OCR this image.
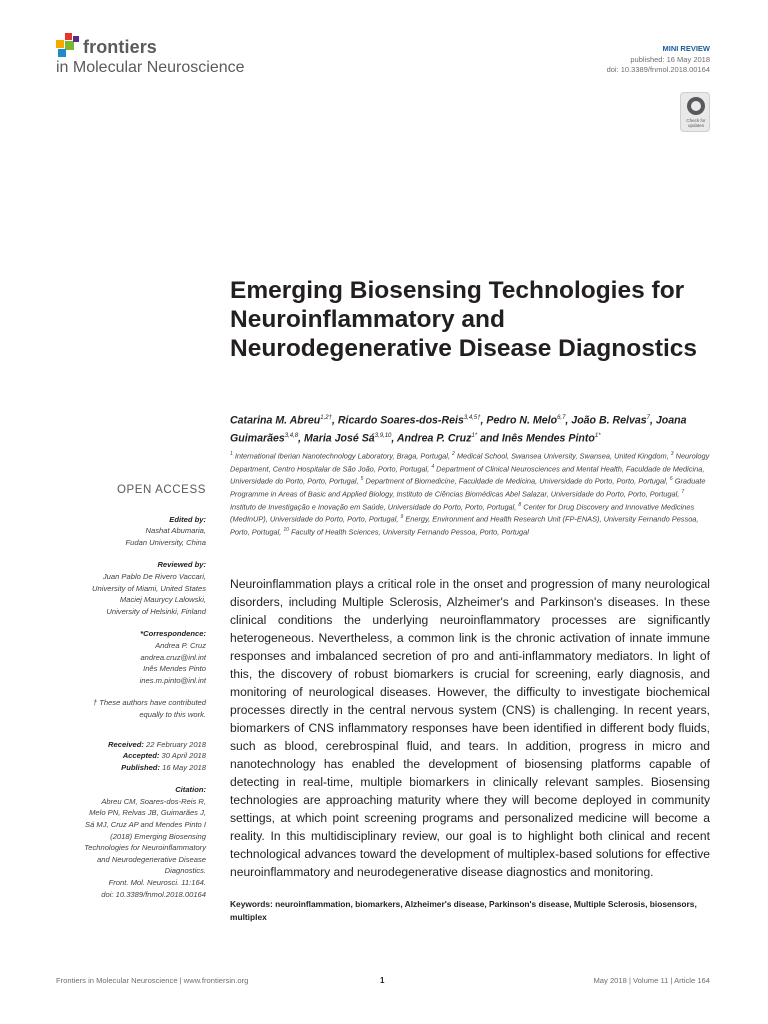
frontiers
in Molecular Neuroscience
MINI REVIEW
published: 16 May 2018
doi: 10.3389/fnmol.2018.00164
Check for updates
Emerging Biosensing Technologies for Neuroinflammatory and Neurodegenerative Disease Diagnostics
Catarina M. Abreu$^{1,2\dagger}$, Ricardo Soares-dos-Reis$^{3,4,5\dagger}$, Pedro N. Melo$^{6,7}$, João B. Relvas$^7$, Joana Guimarães$^{3,4,8}$, Maria José Sá$^{3,9,10}$, Andrea P. Cruz$^{1*}$ and Inês Mendes Pinto$^{1*}$
$^1$ International Iberian Nanotechnology Laboratory, Braga, Portugal, $^2$ Medical School, Swansea University, Swansea, United Kingdom, $^3$ Neurology Department, Centro Hospitalar de São João, Porto, Portugal, $^4$ Department of Clinical Neurosciences and Mental Health, Faculdade de Medicina, Universidade do Porto, Porto, Portugal, $^5$ Department of Biomedicine, Faculdade de Medicina, Universidade do Porto, Porto, Portugal, $^6$ Graduate Programme in Areas of Basic and Applied Biology, Instituto de Ciências Biomédicas Abel Salazar, Universidade do Porto, Porto, Portugal, $^7$ Instituto de Investigação e Inovação em Saúde, Universidade do Porto, Porto, Portugal, $^8$ Center for Drug Discovery and Innovative Medicines (MedInUP), Universidade do Porto, Porto, Portugal, $^9$ Energy, Environment and Health Research Unit (FP-ENAS), University Fernando Pessoa, Porto, Portugal, $^{10}$ Faculty of Health Sciences, University Fernando Pessoa, Porto, Portugal
OPEN ACCESS
Edited by:
Nashat Abumaria,
Fudan University, China
Reviewed by:
Juan Pablo De Rivero Vaccari,
University of Miami, United States
Maciej Maurycy Lalowski,
University of Helsinki, Finland
*Correspondence:
Andrea P. Cruz
andrea.cruz@inl.int
Inês Mendes Pinto
ines.m.pinto@inl.int
† These authors have contributed
equally to this work.
Received: 22 February 2018
Accepted: 30 April 2018
Published: 16 May 2018
Citation:
Abreu CM, Soares-dos-Reis R,
Melo PN, Relvas JB, Guimarães J,
Sá MJ, Cruz AP and Mendes Pinto I
(2018) Emerging Biosensing
Technologies for Neuroinflammatory
and Neurodegenerative Disease
Diagnostics.
Front. Mol. Neurosci. 11:164.
doi: 10.3389/fnmol.2018.00164

Neuroinflammation plays a critical role in the onset and progression of many neurological disorders, including Multiple Sclerosis, Alzheimer's and Parkinson's diseases. In these clinical conditions the underlying neuroinflammatory processes are significantly heterogeneous. Nevertheless, a common link is the chronic activation of innate immune responses and imbalanced secretion of pro and anti-inflammatory mediators. In light of this, the discovery of robust biomarkers is crucial for screening, early diagnosis, and monitoring of neurological diseases. However, the difficulty to investigate biochemical processes directly in the central nervous system (CNS) is challenging. In recent years, biomarkers of CNS inflammatory responses have been identified in different body fluids, such as blood, cerebrospinal fluid, and tears. In addition, progress in micro and nanotechnology has enabled the development of biosensing platforms capable of detecting in real-time, multiple biomarkers in clinically relevant samples. Biosensing technologies are approaching maturity where they will become deployed in community settings, at which point screening programs and personalized medicine will become a reality. In this multidisciplinary review, our goal is to highlight both clinical and recent technological advances toward the development of multiplex-based solutions for effective neuroinflammatory and neurodegenerative disease diagnostics and monitoring.

Keywords: neuroinflammation, biomarkers, Alzheimer's disease, Parkinson's disease, Multiple Sclerosis, biosensors, multiplex
Frontiers in Molecular Neuroscience | www.frontiersin.org	1	May 2018 | Volume 11 | Article 164
